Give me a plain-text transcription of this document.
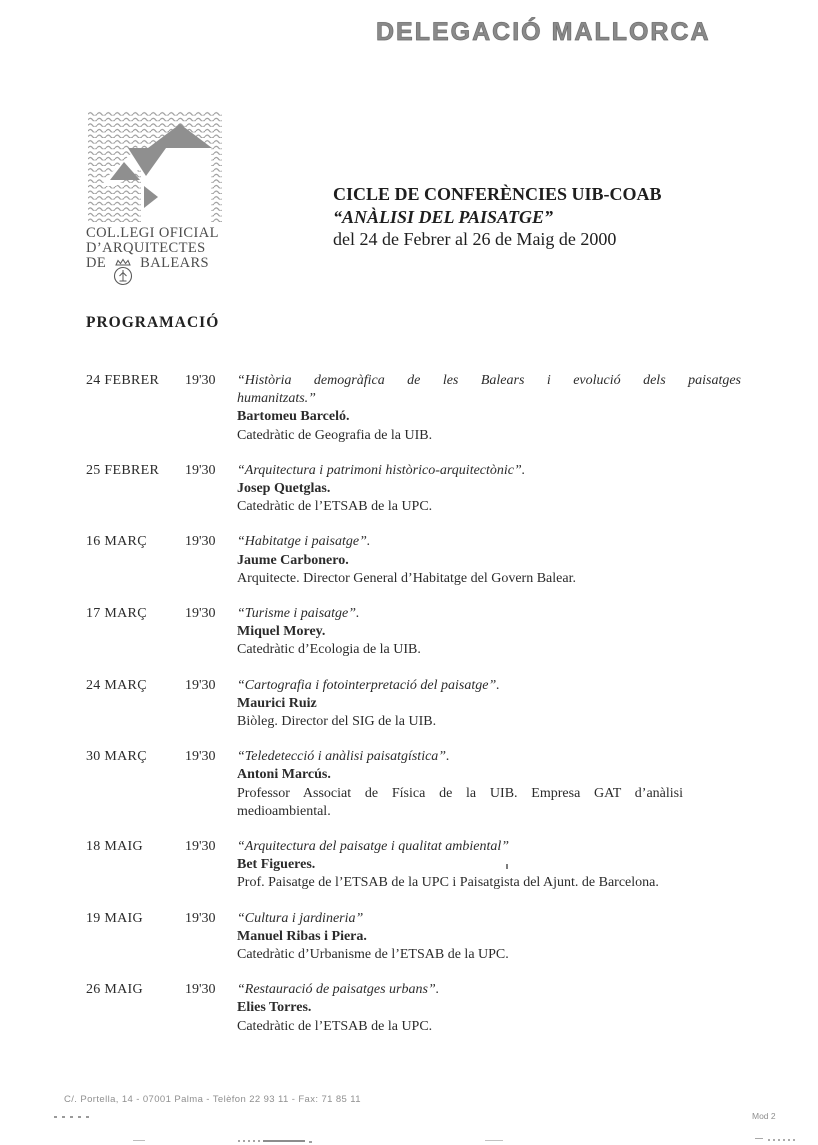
DELEGACIÓ MALLORCA
COL.LEGI OFICIAL
D’ARQUITECTES
DE BALEARS
CICLE DE CONFERÈNCIES UIB-COAB
“ANÀLISI DEL PAISATGE”
del 24 de Febrer al 26 de Maig de 2000
PROGRAMACIÓ
24 FEBRER	19'30	“Història demogràfica de les Balears i evolució dels paisatges
humanitzats.”
Bartomeu Barceló.
Catedràtic de Geografia de la UIB.
25 FEBRER	19'30	“Arquitectura i patrimoni històrico-arquitectònic”.
Josep Quetglas.
Catedràtic de l’ETSAB de la UPC.
16 MARÇ	19'30	“Habitatge i paisatge”.
Jaume Carbonero.
Arquitecte. Director General d’Habitatge del Govern Balear.
17 MARÇ	19'30	“Turisme i paisatge”.
Miquel Morey.
Catedràtic d’Ecologia de la UIB.
24 MARÇ	19'30	“Cartografia i fotointerpretació del paisatge”.
Maurici Ruiz
Biòleg. Director del SIG de la UIB.
30 MARÇ	19'30	“Teledetecció i anàlisi paisatgística”.
Antoni Marcús.
Professor Associat de Física de la UIB. Empresa GAT d’anàlisi
medioambiental.
18 MAIG	19'30	“Arquitectura del paisatge i qualitat ambiental”
Bet Figueres.
Prof. Paisatge de l’ETSAB de la UPC i Paisatgista del Ajunt. de Barcelona.
19 MAIG	19'30	“Cultura i jardineria”
Manuel Ribas i Piera.
Catedràtic d’Urbanisme de l’ETSAB de la UPC.
26 MAIG	19'30	“Restauració de paisatges urbans”.
Elies Torres.
Catedràtic de l’ETSAB de la UPC.
C/. Portella, 14 - 07001 Palma - Telèfon 22 93 11 - Fax: 71 85 11
Mod 2
